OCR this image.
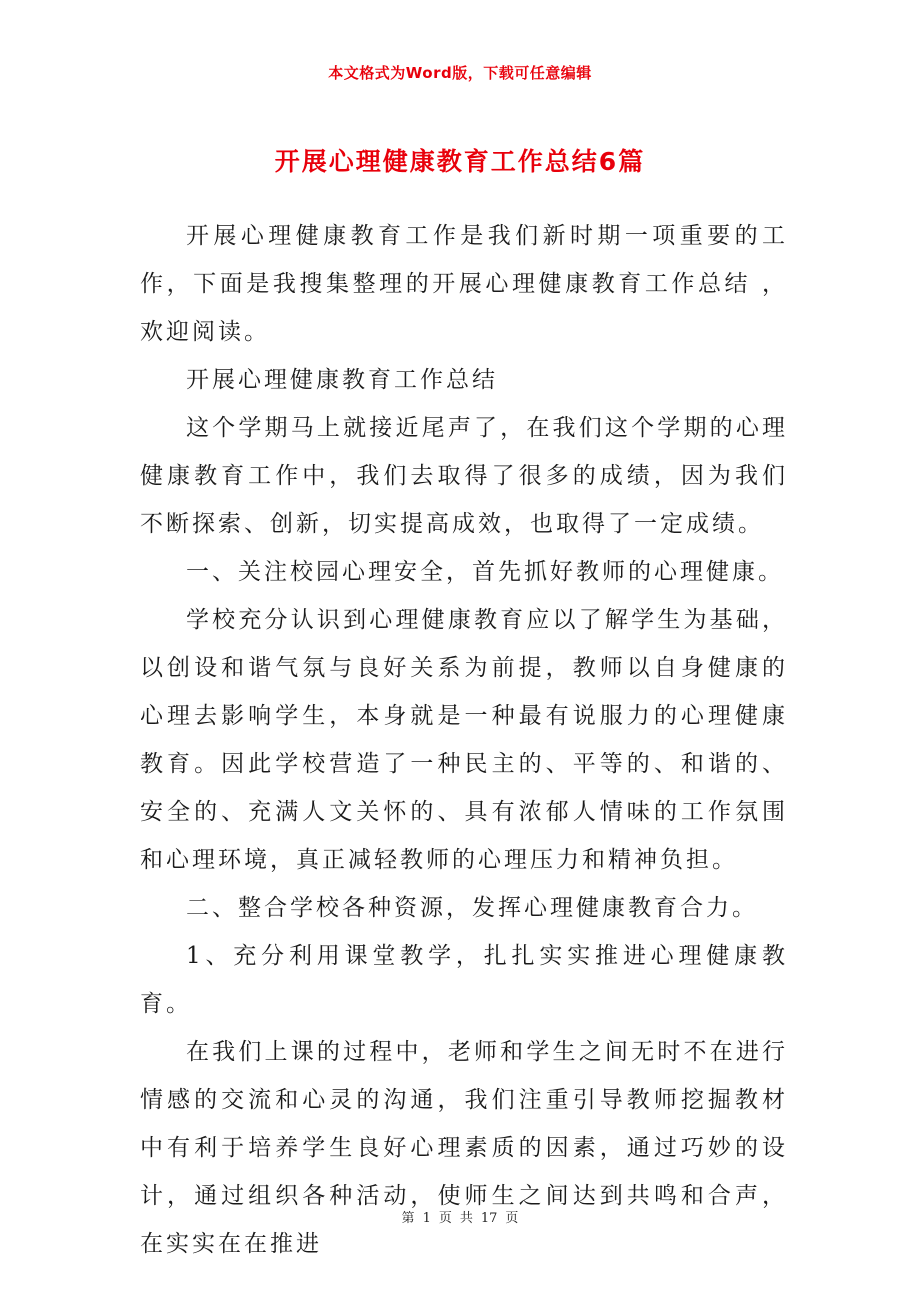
本文格式为Word版，下载可任意编辑
开展心理健康教育工作总结6篇

开展心理健康教育工作是我们新时期一项重要的工作，下面是我搜集整理的开展心理健康教育工作总结 ，欢迎阅读。

开展心理健康教育工作总结

这个学期马上就接近尾声了，在我们这个学期的心理健康教育工作中，我们去取得了很多的成绩，因为我们不断探索、创新，切实提高成效，也取得了一定成绩。

一、关注校园心理安全，首先抓好教师的心理健康。

学校充分认识到心理健康教育应以了解学生为基础，以创设和谐气氛与良好关系为前提，教师以自身健康的心理去影响学生，本身就是一种最有说服力的心理健康教育。因此学校营造了一种民主的、平等的、和谐的、安全的、充满人文关怀的、具有浓郁人情味的工作氛围和心理环境，真正减轻教师的心理压力和精神负担。

二、整合学校各种资源，发挥心理健康教育合力。

1、充分利用课堂教学，扎扎实实推进心理健康教育。

在我们上课的过程中，老师和学生之间无时不在进行情感的交流和心灵的沟通，我们注重引导教师挖掘教材中有利于培养学生良好心理素质的因素，通过巧妙的设计，通过组织各种活动，使师生之间达到共鸣和合声，在实实在在推进

第 1 页 共 17 页
